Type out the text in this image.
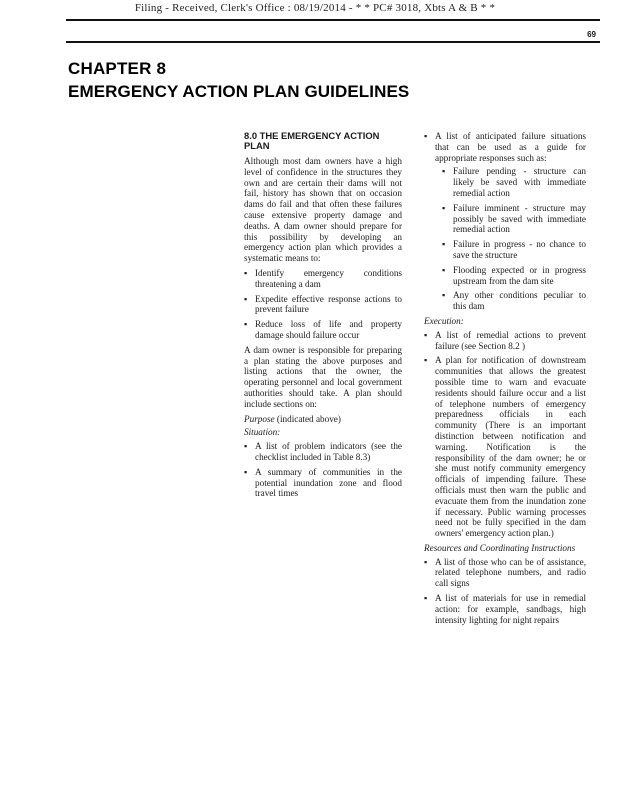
Filing - Received, Clerk's Office : 08/19/2014 - * * PC# 3018, Xbts A & B * *
69
CHAPTER 8
EMERGENCY ACTION PLAN GUIDELINES
8.0 THE EMERGENCY ACTION PLAN

Although most dam owners have a high level of confidence in the structures they own and are certain their dams will not fail, history has shown that on occasion dams do fail and that often these failures cause extensive property damage and deaths. A dam owner should prepare for this possibility by developing an emergency action plan which provides a systematic means to:

▪ Identify emergency conditions threatening a dam
▪ Expedite effective response actions to prevent failure
▪ Reduce loss of life and property damage should failure occur

A dam owner is responsible for preparing a plan stating the above purposes and listing actions that the owner, the operating personnel and local government authorities should take. A plan should include sections on:

Purpose (indicated above)
Situation:
▪ A list of problem indicators (see the checklist included in Table 8.3)
▪ A summary of communities in the potential inundation zone and flood travel times
▪ A list of anticipated failure situations that can be used as a guide for appropriate responses such as:
▪ Failure pending - structure can likely be saved with immediate remedial action
▪ Failure imminent - structure may possibly be saved with immediate remedial action
▪ Failure in progress - no chance to save the structure
▪ Flooding expected or in progress upstream from the dam site
▪ Any other conditions peculiar to this dam
Execution:
▪ A list of remedial actions to prevent failure (see Section 8.2 )
▪ A plan for notification of downstream communities that allows the greatest possible time to warn and evacuate residents should failure occur and a list of telephone numbers of emergency preparedness officials in each community (There is an important distinction between notification and warning. Notification is the responsibility of the dam owner; he or she must notify community emergency officials of impending failure. These officials must then warn the public and evacuate them from the inundation zone if necessary. Public warning processes need not be fully specified in the dam owners' emergency action plan.)
Resources and Coordinating Instructions
▪ A list of those who can be of assistance, related telephone numbers, and radio call signs
▪ A list of materials for use in remedial action: for example, sandbags, high intensity lighting for night repairs
